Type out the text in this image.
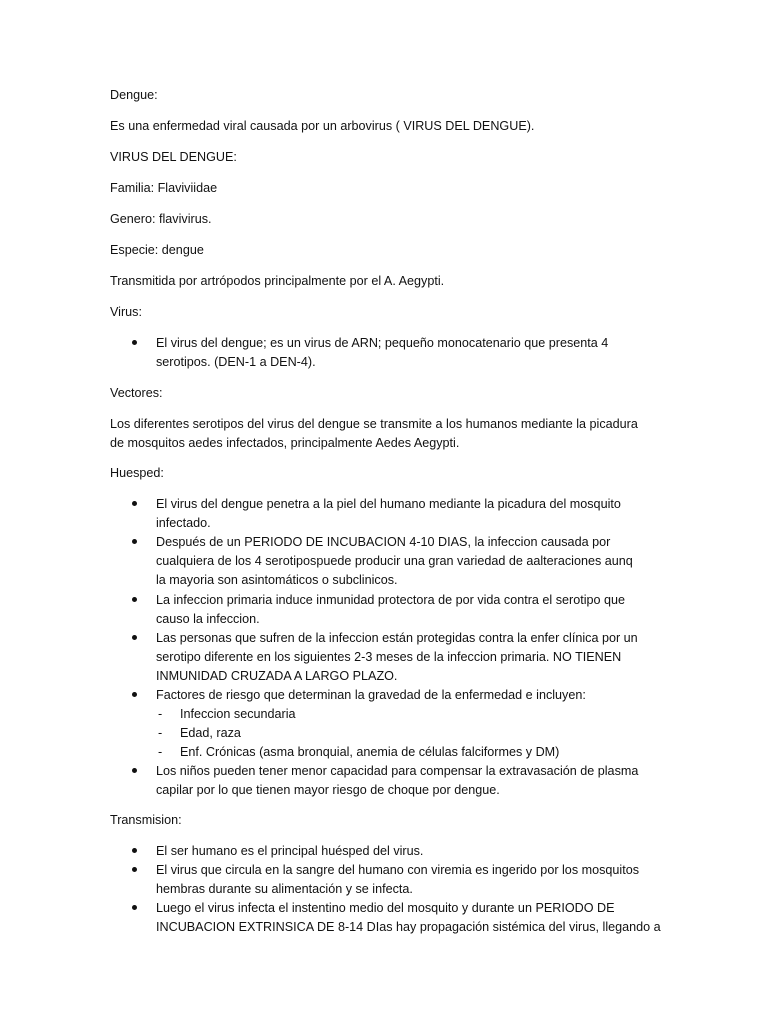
Dengue:

Es una enfermedad viral causada por un arbovirus ( VIRUS DEL DENGUE).

VIRUS DEL DENGUE:

Familia: Flaviviidae

Genero: flavivirus.

Especie: dengue

Transmitida por artrópodos principalmente por el A. Aegypti.

Virus:

El virus del dengue; es un virus de ARN; pequeño monocatenario que presenta 4
serotipos. (DEN-1 a DEN-4).

Vectores:

Los diferentes serotipos del virus del dengue se transmite a los humanos mediante la picadura
de mosquitos aedes infectados, principalmente Aedes Aegypti.

Huesped:

El virus del dengue penetra a la piel del humano mediante la picadura del mosquito
infectado.
Después de un PERIODO DE INCUBACION 4-10 DIAS, la infeccion causada por
cualquiera de los 4 serotipospuede producir una gran variedad de aalteraciones aunq
la mayoria son asintomáticos o subclinicos.
La infeccion primaria induce inmunidad protectora de por vida contra el serotipo que
causo la infeccion.
Las personas que sufren de la infeccion están protegidas contra la enfer clínica por un
serotipo diferente en los siguientes 2-3 meses de la infeccion primaria. NO TIENEN
INMUNIDAD CRUZADA A LARGO PLAZO.
Factores de riesgo que determinan la gravedad de la enfermedad e incluyen:
- Infeccion secundaria
- Edad, raza
- Enf. Crónicas (asma bronquial, anemia de células falciformes y DM)
Los niños pueden tener menor capacidad para compensar la extravasación de plasma
capilar por lo que tienen mayor riesgo de choque por dengue.

Transmision:

El ser humano es el principal huésped del virus.
El virus que circula en la sangre del humano con viremia es ingerido por los mosquitos
hembras durante su alimentación y se infecta.
Luego el virus infecta el instentino medio del mosquito y durante un PERIODO DE
INCUBACION EXTRINSICA DE 8-14 DIas hay propagación sistémica del virus, llegando a
